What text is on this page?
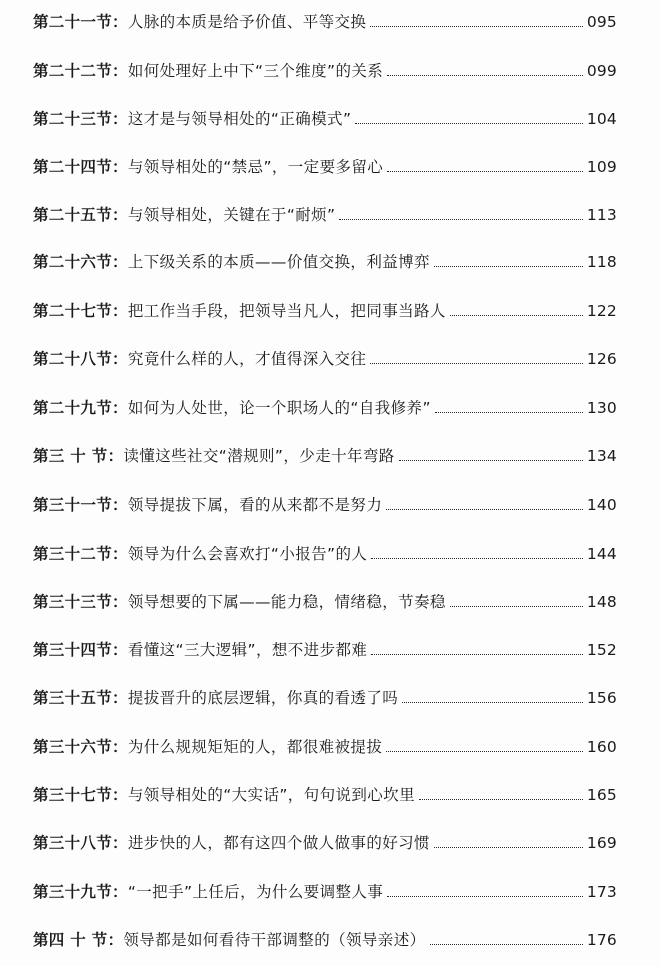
第二十一节： 人脉的本质是给予价值、平等交换	095
第二十二节： 如何处理好上中下“三个维度”的关系	099
第二十三节： 这才是与领导相处的“正确模式”	104
第二十四节： 与领导相处的“禁忌”，一定要多留心	109
第二十五节： 与领导相处，关键在于“耐烦”	113
第二十六节： 上下级关系的本质——价值交换，利益博弈	118
第二十七节： 把工作当手段，把领导当凡人，把同事当路人	122
第二十八节： 究竟什么样的人，才值得深入交往	126
第二十九节： 如何为人处世，论一个职场人的“自我修养”	130
第三 十 节： 读懂这些社交“潜规则”，少走十年弯路	134
第三十一节： 领导提拔下属，看的从来都不是努力	140
第三十二节： 领导为什么会喜欢打“小报告”的人	144
第三十三节： 领导想要的下属——能力稳，情绪稳，节奏稳	148
第三十四节： 看懂这“三大逻辑”，想不进步都难	152
第三十五节： 提拔晋升的底层逻辑，你真的看透了吗	156
第三十六节： 为什么规规矩矩的人，都很难被提拔	160
第三十七节： 与领导相处的“大实话”，句句说到心坎里	165
第三十八节： 进步快的人，都有这四个做人做事的好习惯	169
第三十九节： “一把手”上任后，为什么要调整人事	173
第四 十 节： 领导都是如何看待干部调整的（领导亲述）	176
